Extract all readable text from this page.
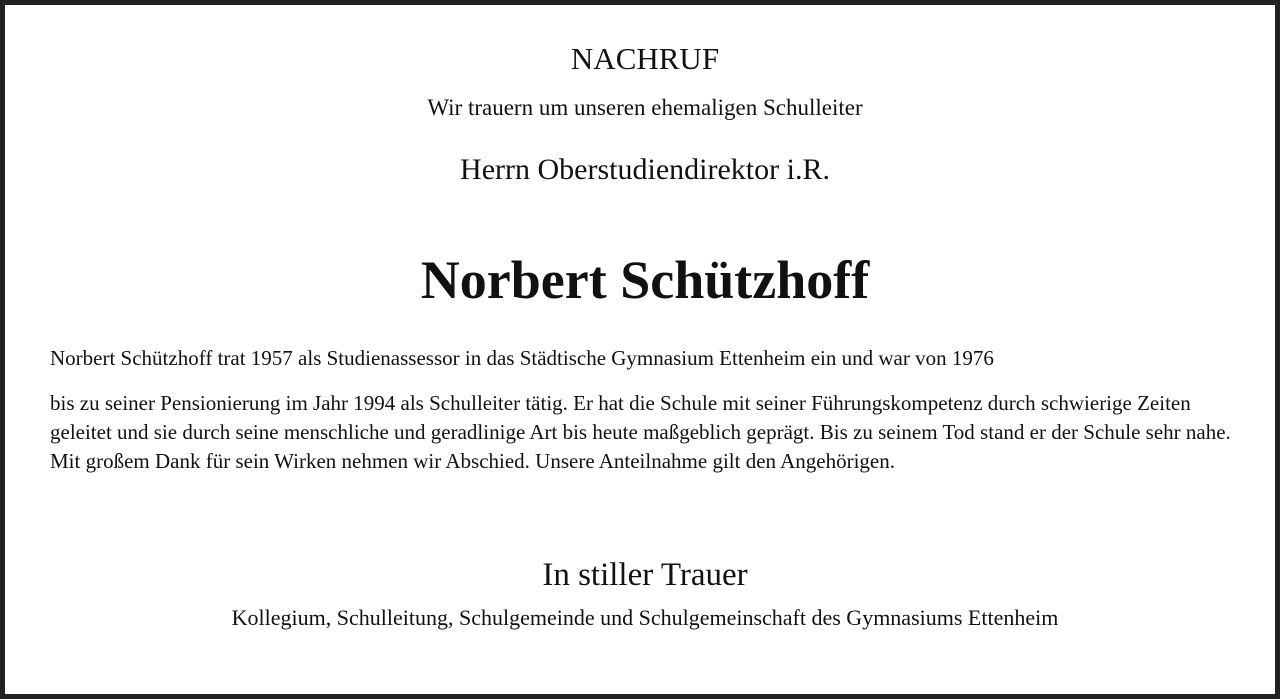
NACHRUF
Wir trauern um unseren ehemaligen Schulleiter
Herrn Oberstudiendirektor i.R.
Norbert Schützhoff
Norbert Schützhoff trat 1957 als Studienassessor in das Städtische Gymnasium Ettenheim ein und war von 1976
bis zu seiner Pensionierung im Jahr 1994 als Schulleiter tätig. Er hat die Schule mit seiner Führungskompetenz durch schwierige Zeiten geleitet und sie durch seine menschliche und geradlinige Art bis heute maßgeblich geprägt. Bis zu seinem Tod stand er der Schule sehr nahe. Mit großem Dank für sein Wirken nehmen wir Abschied. Unsere Anteilnahme gilt den Angehörigen.
In stiller Trauer
Kollegium, Schulleitung, Schulgemeinde und Schulgemeinschaft des Gymnasiums Ettenheim
